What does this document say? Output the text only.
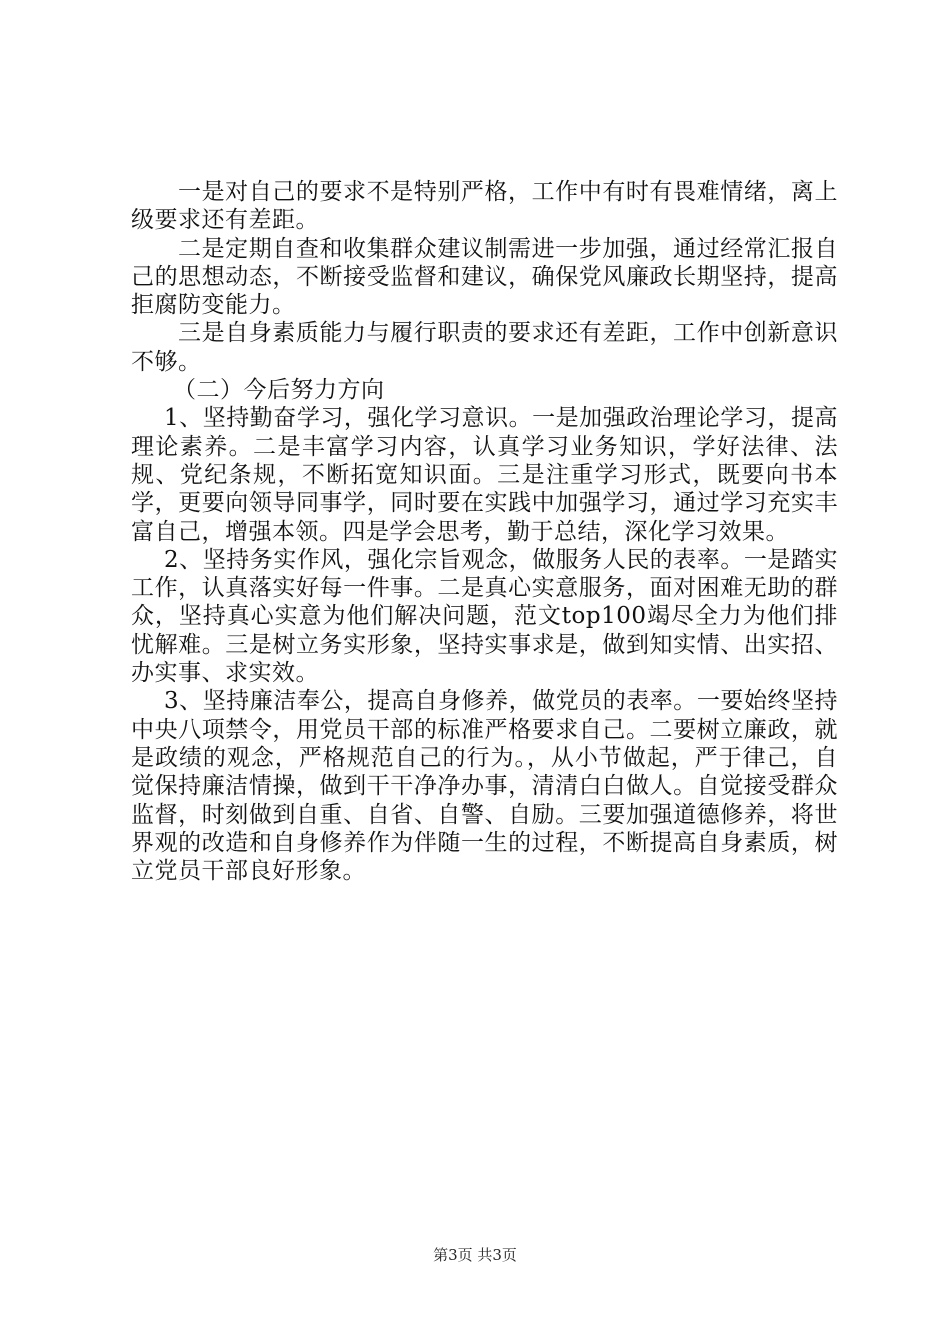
一是对自己的要求不是特别严格，工作中有时有畏难情绪，离上级要求还有差距。

二是定期自查和收集群众建议制需进一步加强，通过经常汇报自己的思想动态，不断接受监督和建议，确保党风廉政长期坚持，提高拒腐防变能力。

三是自身素质能力与履行职责的要求还有差距，工作中创新意识不够。

（二）今后努力方向

1、坚持勤奋学习，强化学习意识。一是加强政治理论学习，提高理论素养。二是丰富学习内容，认真学习业务知识，学好法律、法规、党纪条规，不断拓宽知识面。三是注重学习形式，既要向书本学，更要向领导同事学，同时要在实践中加强学习，通过学习充实丰富自己，增强本领。四是学会思考，勤于总结，深化学习效果。

2、坚持务实作风，强化宗旨观念，做服务人民的表率。一是踏实工作，认真落实好每一件事。二是真心实意服务，面对困难无助的群众，坚持真心实意为他们解决问题，范文top100竭尽全力为他们排忧解难。三是树立务实形象，坚持实事求是，做到知实情、出实招、办实事、求实效。

3、坚持廉洁奉公，提高自身修养，做党员的表率。一要始终坚持中央八项禁令，用党员干部的标准严格要求自己。二要树立廉政，就是政绩的观念，严格规范自己的行为。，从小节做起，严于律己，自觉保持廉洁情操，做到干干净净办事，清清白白做人。自觉接受群众监督，时刻做到自重、自省、自警、自励。三要加强道德修养，将世界观的改造和自身修养作为伴随一生的过程，不断提高自身素质，树立党员干部良好形象。

第3页 共3页
